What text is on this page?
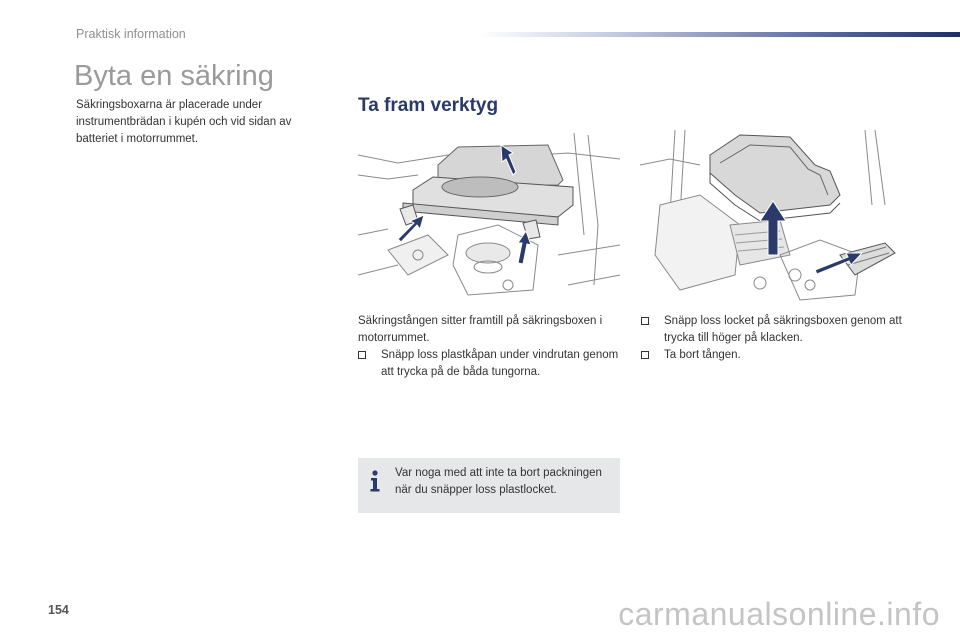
Praktisk information
Byta en säkring
Säkringsboxarna är placerade under instrumentbrädan i kupén och vid sidan av batteriet i motorrummet.
Ta fram verktyg
Säkringstången sitter framtill på säkringsboxen i motorrummet.
Snäpp loss plastkåpan under vindrutan genom att trycka på de båda tungorna.
Snäpp loss locket på säkringsboxen genom att trycka till höger på klacken.
Ta bort tången.
Var noga med att inte ta bort packningen när du snäpper loss plastlocket.
154	carmanualsonline.info
